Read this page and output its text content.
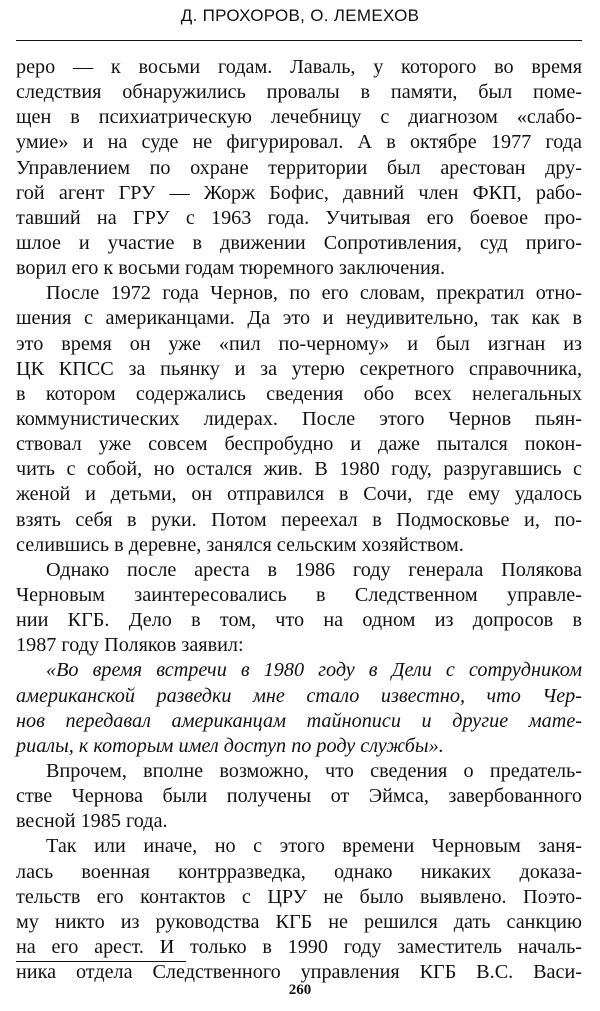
Д. ПРОХОРОВ, О. ЛЕМЕХОВ
реро — к восьми годам. Лаваль, у которого во время
следствия обнаружились провалы в памяти, был поме-
щен в психиатрическую лечебницу с диагнозом «слабо-
умие» и на суде не фигурировал. А в октябре 1977 года
Управлением по охране территории был арестован дру-
гой агент ГРУ — Жорж Бофис, давний член ФКП, рабо-
тавший на ГРУ с 1963 года. Учитывая его боевое про-
шлое и участие в движении Сопротивления, суд приго-
ворил его к восьми годам тюремного заключения.
После 1972 года Чернов, по его словам, прекратил отно-
шения с американцами. Да это и неудивительно, так как в
это время он уже «пил по-черному» и был изгнан из
ЦК КПСС за пьянку и за утерю секретного справочника,
в котором содержались сведения обо всех нелегальных
коммунистических лидерах. После этого Чернов пьян-
ствовал уже совсем беспробудно и даже пытался покон-
чить с собой, но остался жив. В 1980 году, разругавшись с
женой и детьми, он отправился в Сочи, где ему удалось
взять себя в руки. Потом переехал в Подмосковье и, по-
селившись в деревне, занялся сельским хозяйством.
Однако после ареста в 1986 году генерала Полякова
Черновым заинтересовались в Следственном управле-
нии КГБ. Дело в том, что на одном из допросов в
1987 году Поляков заявил:
«Во время встречи в 1980 году в Дели с сотрудником
американской разведки мне стало известно, что Чер-
нов передавал американцам тайнописи и другие мате-
риалы, к которым имел доступ по роду службы».
Впрочем, вполне возможно, что сведения о предатель-
стве Чернова были получены от Эймса, завербованного
весной 1985 года.
Так или иначе, но с этого времени Черновым заня-
лась военная контрразведка, однако никаких доказа-
тельств его контактов с ЦРУ не было выявлено. Поэто-
му никто из руководства КГБ не решился дать санкцию
на его арест. И только в 1990 году заместитель началь-
ника отдела Следственного управления КГБ В.С. Васи-
260
